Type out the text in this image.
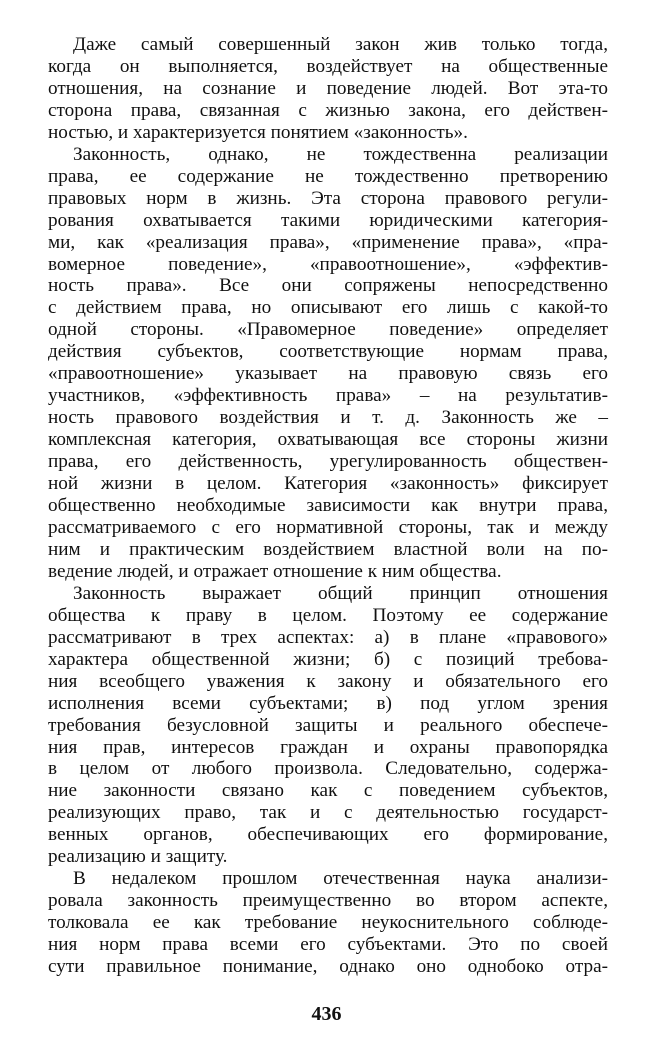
Даже самый совершенный закон жив только тогда,
когда он выполняется, воздействует на общественные
отношения, на сознание и поведение людей. Вот эта-то
сторона права, связанная с жизнью закона, его действен-
ностью, и характеризуется понятием «законность».
Законность, однако, не тождественна реализации
права, ее содержание не тождественно претворению
правовых норм в жизнь. Эта сторона правового регули-
рования охватывается такими юридическими категория-
ми, как «реализация права», «применение права», «пра-
вомерное поведение», «правоотношение», «эффектив-
ность права». Все они сопряжены непосредственно
с действием права, но описывают его лишь с какой-то
одной стороны. «Правомерное поведение» определяет
действия субъектов, соответствующие нормам права,
«правоотношение» указывает на правовую связь его
участников, «эффективность права» – на результатив-
ность правового воздействия и т. д. Законность же –
комплексная категория, охватывающая все стороны жизни
права, его действенность, урегулированность обществен-
ной жизни в целом. Категория «законность» фиксирует
общественно необходимые зависимости как внутри права,
рассматриваемого с его нормативной стороны, так и между
ним и практическим воздействием властной воли на по-
ведение людей, и отражает отношение к ним общества.
Законность выражает общий принцип отношения
общества к праву в целом. Поэтому ее содержание
рассматривают в трех аспектах: а) в плане «правового»
характера общественной жизни; б) с позиций требова-
ния всеобщего уважения к закону и обязательного его
исполнения всеми субъектами; в) под углом зрения
требования безусловной защиты и реального обеспече-
ния прав, интересов граждан и охраны правопорядка
в целом от любого произвола. Следовательно, содержа-
ние законности связано как с поведением субъектов,
реализующих право, так и с деятельностью государст-
венных органов, обеспечивающих его формирование,
реализацию и защиту.
В недалеком прошлом отечественная наука анализи-
ровала законность преимущественно во втором аспекте,
толковала ее как требование неукоснительного соблюде-
ния норм права всеми его субъектами. Это по своей
сути правильное понимание, однако оно однобоко отра-
436
